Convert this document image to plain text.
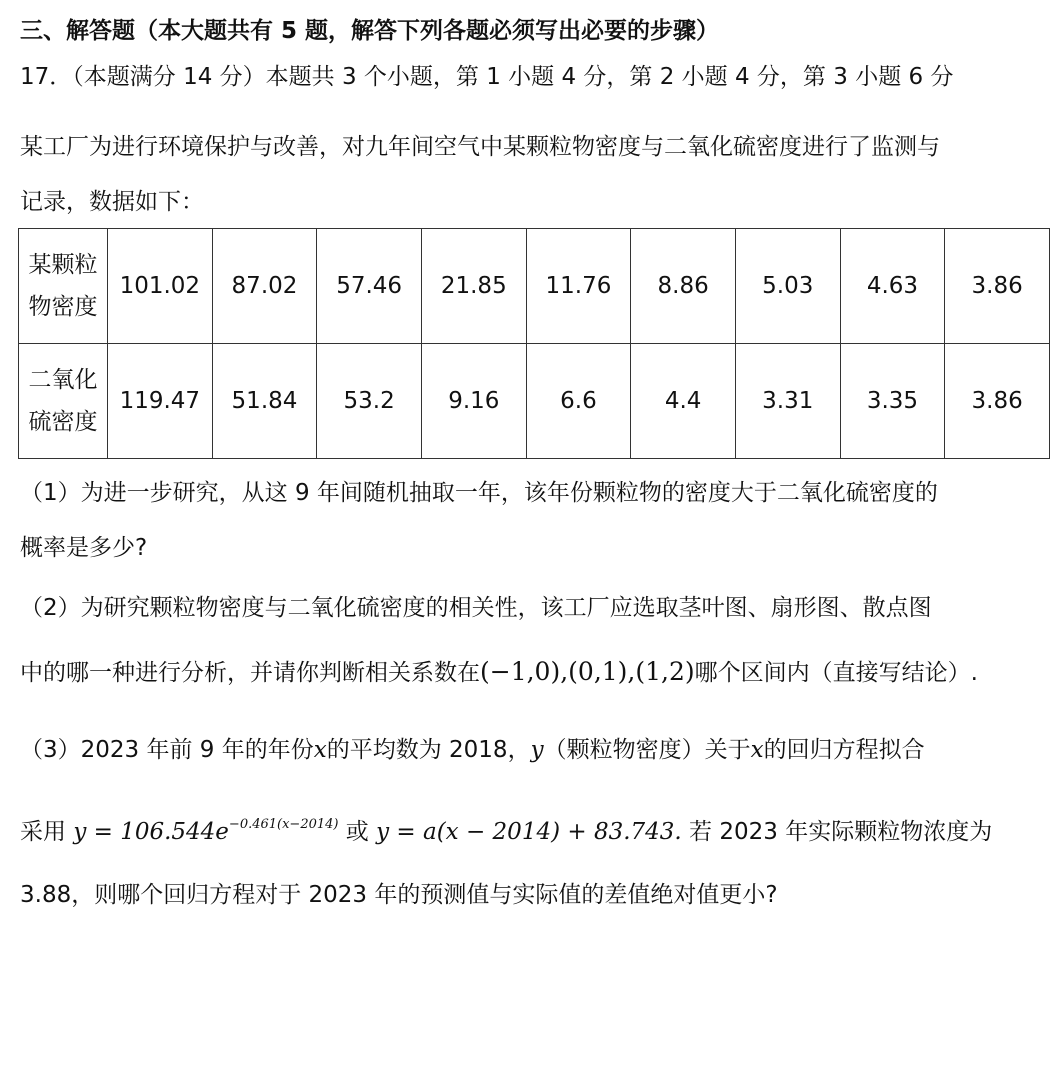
三、解答题（本大题共有 5 题，解答下列各题必须写出必要的步骤）
17．（本题满分 14 分）本题共 3 个小题，第 1 小题 4 分，第 2 小题 4 分，第 3 小题 6 分
某工厂为进行环境保护与改善，对九年间空气中某颗粒物密度与二氧化硫密度进行了监测与
记录，数据如下：
某颗粒
物密度	101.02	87.02	57.46	21.85	11.76	8.86	5.03	4.63	3.86

二氧化
硫密度	119.47	51.84	53.2	9.16	6.6	4.4	3.31	3.35	3.86
（1）为进一步研究，从这 9 年间随机抽取一年，该年份颗粒物的密度大于二氧化硫密度的
概率是多少?
（2）为研究颗粒物密度与二氧化硫密度的相关性，该工厂应选取茎叶图、扇形图、散点图
中的哪一种进行分析，并请你判断相关系数在(−1,0),(0,1),(1,2)哪个区间内（直接写结论）.
（3）2023 年前 9 年的年份x的平均数为 2018，y（颗粒物密度）关于x的回归方程拟合
采用 $y = 106.544e^{-0.461(x-2014)}$ 或 y = a(x − 2014) + 83.743. 若 2023 年实际颗粒物浓度为
3.88，则哪个回归方程对于 2023 年的预测值与实际值的差值绝对值更小?
